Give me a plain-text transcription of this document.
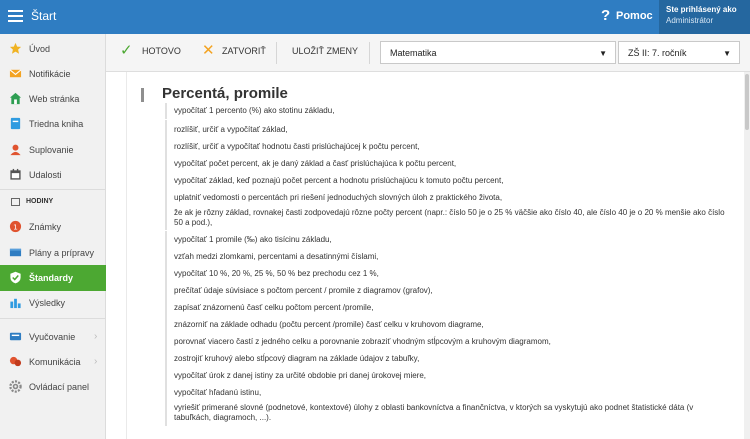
Štart	? Pomoc
Ste prihlásený ako
Administrátor
Úvod
Notifikácie
Web stránka
Triedna kniha
Suplovanie
Udalosti
HODINY
1 Známky
Plány a prípravy
Štandardy
Výsledky
Vyučovanie ›
Komunikácia ›
Ovládací panel
✓ HOTOVO ✕ ZATVORIŤ	ULOŽIŤ ZMENY	Matematika	▼	ZŠ II: 7. ročník	▼
Percentá, promile
vypočítať 1 percento (%) ako stotinu základu,
rozlíšiť, určiť a vypočítať základ,
rozlíšiť, určiť a vypočítať hodnotu časti prislúchajúcej k počtu percent,
vypočítať počet percent, ak je daný základ a časť prislúchajúca k počtu percent,
vypočítať základ, keď poznajú počet percent a hodnotu prislúchajúcu k tomuto počtu percent,
uplatniť vedomosti o percentách pri riešení jednoduchých slovných úloh z praktického života,
že ak je rôzny základ, rovnakej časti zodpovedajú rôzne počty percent (napr.: číslo 50 je o 25 % väčšie ako číslo 40, ale číslo 40 je o 20 % menšie ako číslo 50 a pod.),
vypočítať 1 promile (‰) ako tisícinu základu,
vzťah medzi zlomkami, percentami a desatinnými číslami,
vypočítať 10 %, 20 %, 25 %, 50 % bez prechodu cez 1 %,
prečítať údaje súvisiace s počtom percent / promile z diagramov (grafov),
zapísať znázornenú časť celku počtom percent /promile,
znázorniť na základe odhadu (počtu percent /promile) časť celku v kruhovom diagrame,
porovnať viacero častí z jedného celku a porovnanie zobraziť vhodným stĺpcovým a kruhovým diagramom,
zostrojiť kruhový alebo stĺpcový diagram na základe údajov z tabuľky,
vypočítať úrok z danej istiny za určité obdobie pri danej úrokovej miere,
vypočítať hľadanú istinu,
vyriešiť primerané slovné (podnetové, kontextové) úlohy z oblasti bankovníctva a finančníctva, v ktorých sa vyskytujú ako podnet štatistické dáta (v tabuľkách, diagramoch, ...).
